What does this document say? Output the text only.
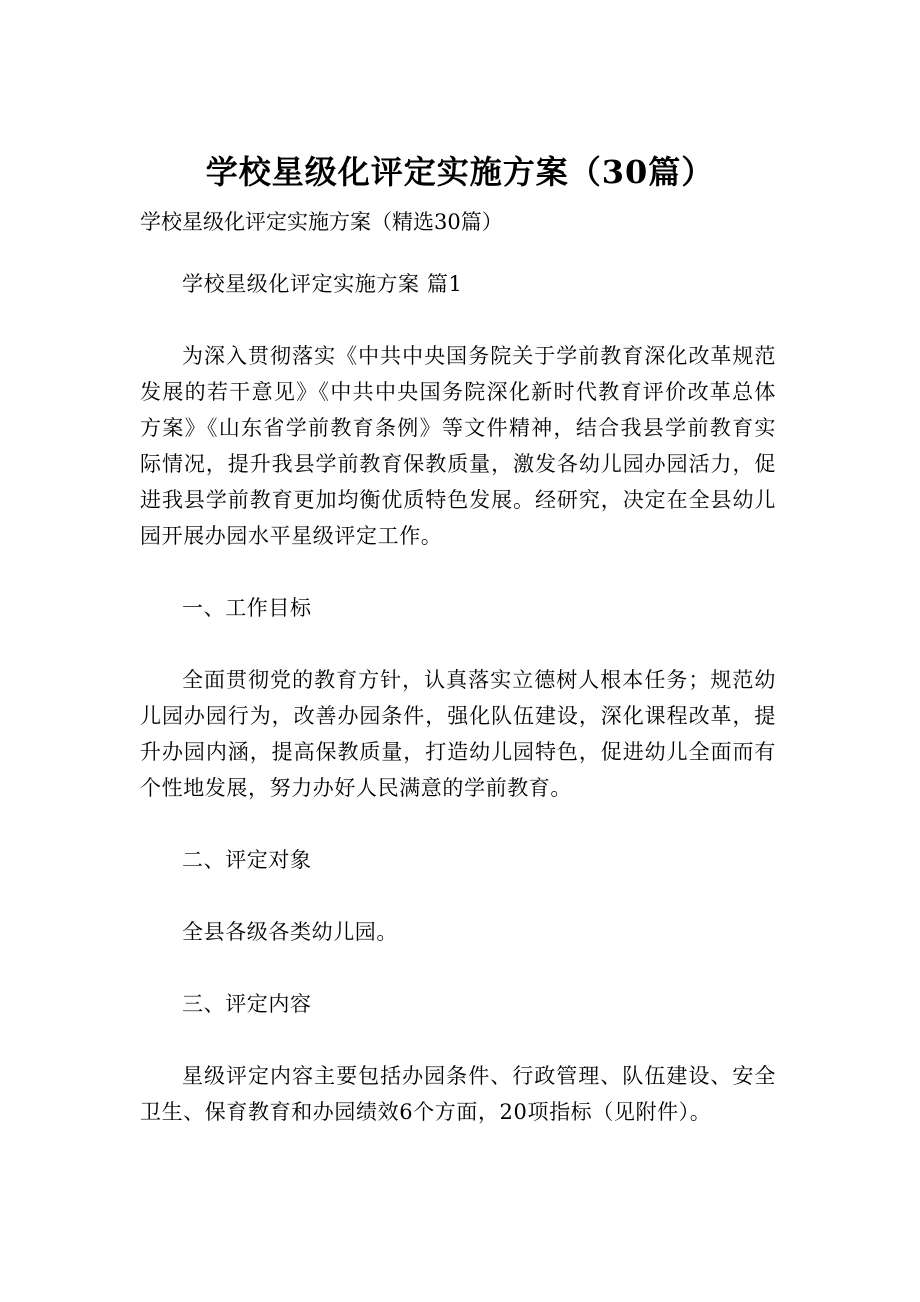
学校星级化评定实施方案（30篇）
学校星级化评定实施方案（精选30篇）

学校星级化评定实施方案 篇1

为深入贯彻落实《中共中央国务院关于学前教育深化改革规范发展的若干意见》《中共中央国务院深化新时代教育评价改革总体方案》《山东省学前教育条例》等文件精神，结合我县学前教育实际情况，提升我县学前教育保教质量，激发各幼儿园办园活力，促进我县学前教育更加均衡优质特色发展。经研究，决定在全县幼儿园开展办园水平星级评定工作。

一、工作目标

全面贯彻党的教育方针，认真落实立德树人根本任务；规范幼儿园办园行为，改善办园条件，强化队伍建设，深化课程改革，提升办园内涵，提高保教质量，打造幼儿园特色，促进幼儿全面而有个性地发展，努力办好人民满意的学前教育。

二、评定对象

全县各级各类幼儿园。

三、评定内容

星级评定内容主要包括办园条件、行政管理、队伍建设、安全卫生、保育教育和办园绩效6个方面，20项指标（见附件）。
